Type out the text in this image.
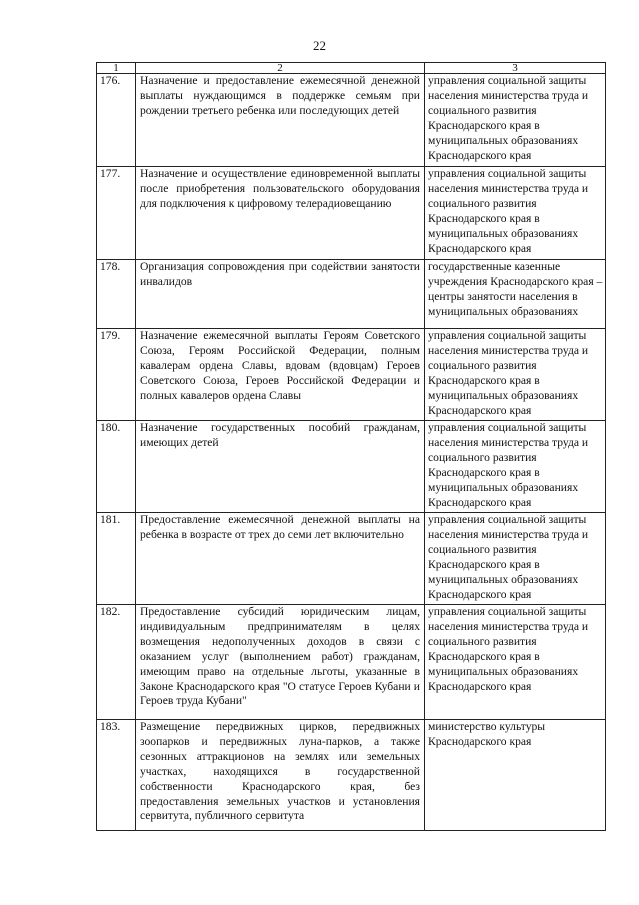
22
1	2	3
176.	Назначение и предоставление ежемесячной денежной выплаты нуждающимся в поддержке семьям при рождении третьего ребенка или последующих детей	управления социальной защиты населения министерства труда и социального развития Краснодарского края в муниципальных образованиях Краснодарского края
177.	Назначение и осуществление единовременной выплаты после приобретения пользовательского оборудования для подключения к цифровому телерадиовещанию	управления социальной защиты населения министерства труда и социального развития Краснодарского края в муниципальных образованиях Краснодарского края
178.	Организация сопровождения при содействии занятости инвалидов	государственные казенные учреждения Краснодарского края – центры занятости населения в муниципальных образованиях
179.	Назначение ежемесячной выплаты Героям Советского Союза, Героям Российской Федерации, полным кавалерам ордена Славы, вдовам (вдовцам) Героев Советского Союза, Героев Российской Федерации и полных кавалеров ордена Славы	управления социальной защиты населения министерства труда и социального развития Краснодарского края в муниципальных образованиях Краснодарского края
180.	Назначение государственных пособий гражданам, имеющих детей	управления социальной защиты населения министерства труда и социального развития Краснодарского края в муниципальных образованиях Краснодарского края
181.	Предоставление ежемесячной денежной выплаты на ребенка в возрасте от трех до семи лет включительно	управления социальной защиты населения министерства труда и социального развития Краснодарского края в муниципальных образованиях Краснодарского края
182.	Предоставление субсидий юридическим лицам, индивидуальным предпринимателям в целях возмещения недополученных доходов в связи с оказанием услуг (выполнением работ) гражданам, имеющим право на отдельные льготы, указанные в Законе Краснодарского края "О статусе Героев Кубани и Героев труда Кубани"	управления социальной защиты населения министерства труда и социального развития Краснодарского края в муниципальных образованиях Краснодарского края
183.	Размещение передвижных цирков, передвижных зоопарков и передвижных луна-парков, а также сезонных аттракционов на землях или земельных участках, находящихся в государственной собственности Краснодарского края, без предоставления земельных участков и установления сервитута, публичного сервитута	министерство культуры Краснодарского края
